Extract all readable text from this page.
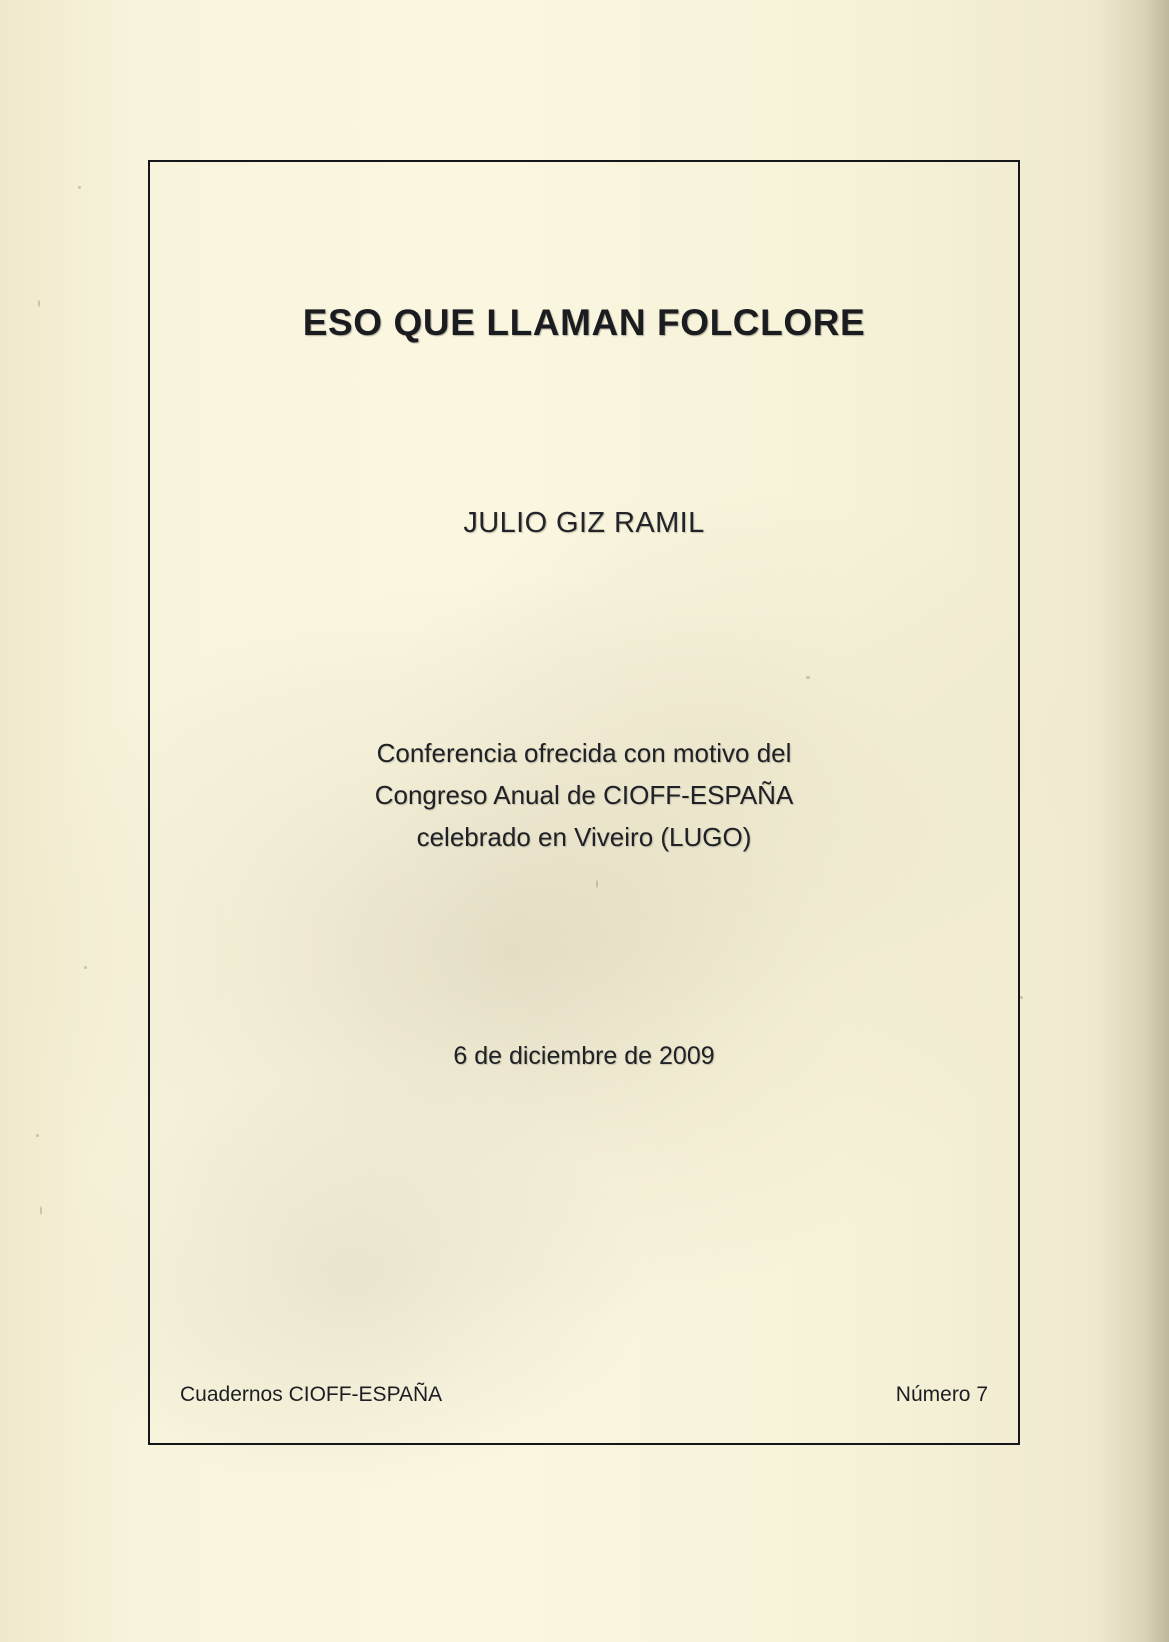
ESO QUE LLAMAN FOLCLORE
JULIO GIZ RAMIL
Conferencia ofrecida con motivo del
Congreso Anual de CIOFF-ESPAÑA
celebrado en Viveiro (LUGO)
6 de diciembre de 2009
Cuadernos CIOFF-ESPAÑA	Número 7
